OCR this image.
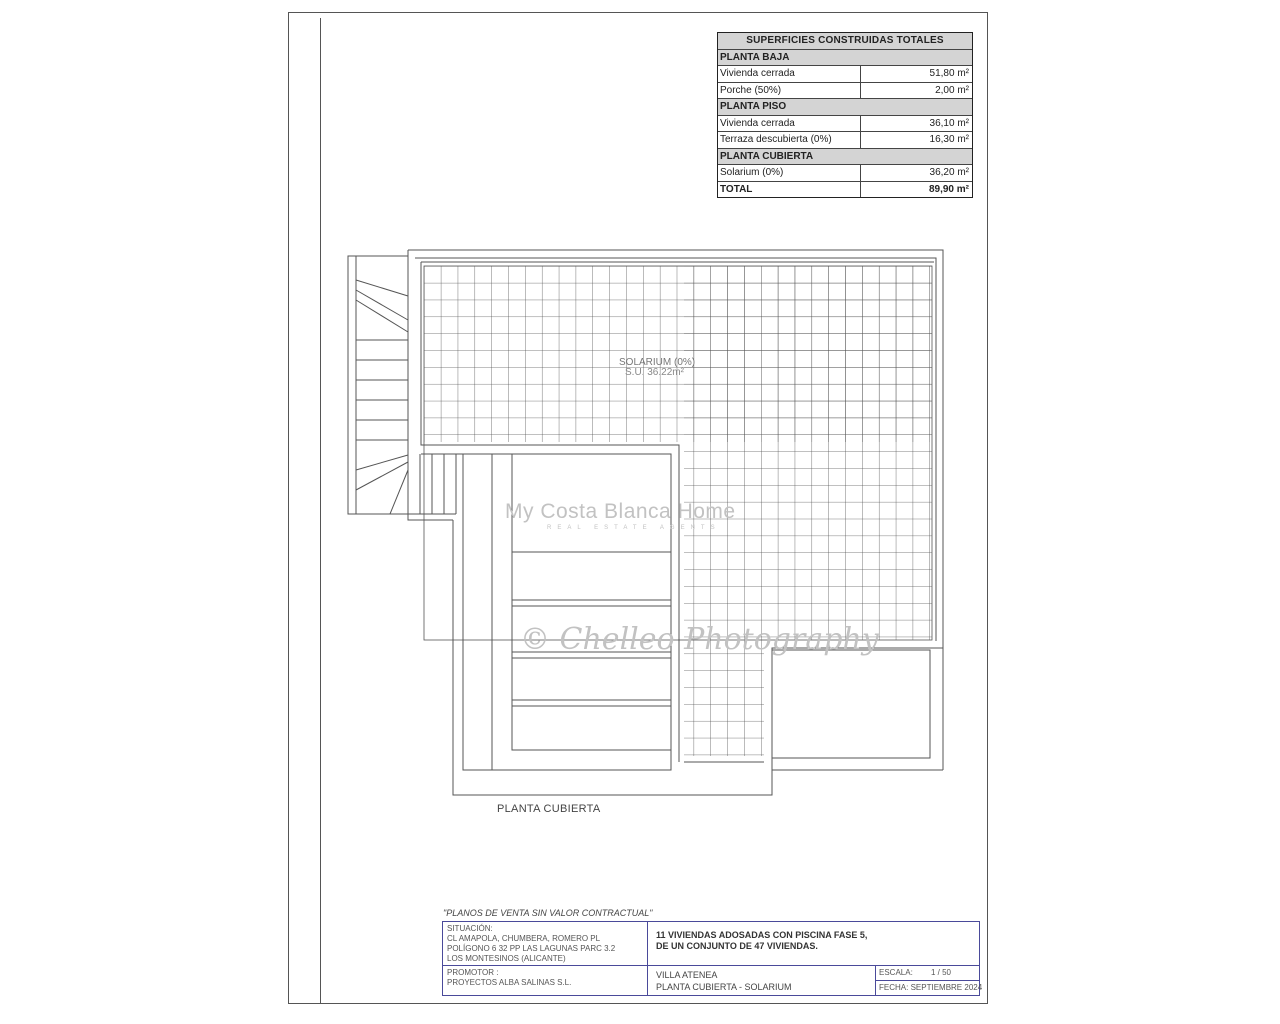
SUPERFICIES CONSTRUIDAS TOTALES
PLANTA BAJA
Vivienda cerrada	51,80 m²
Porche (50%)	2,00 m²
PLANTA PISO
Vivienda cerrada	36,10 m²
Terraza descubierta (0%)	16,30 m²
PLANTA CUBIERTA
Solarium (0%)	36,20 m²
TOTAL	89,90 m²
SOLARIUM (0%)
S.U. 36.22m²
PLANTA CUBIERTA
My Costa Blanca Home
REAL ESTATE AGENTS
© Chelleo Photography
"PLANOS DE VENTA SIN VALOR CONTRACTUAL"
SITUACIÓN:
CL AMAPOLA, CHUMBERA, ROMERO PL
POLÍGONO 6 32 PP LAS LAGUNAS PARC 3.2
LOS MONTESINOS (ALICANTE)
PROMOTOR :
PROYECTOS ALBA SALINAS S.L.
11 VIVIENDAS ADOSADAS CON PISCINA FASE 5,
DE UN CONJUNTO DE 47 VIVIENDAS.
VILLA ATENEA
PLANTA CUBIERTA - SOLARIUM
ESCALA: 1 / 50
FECHA: SEPTIEMBRE 2024
